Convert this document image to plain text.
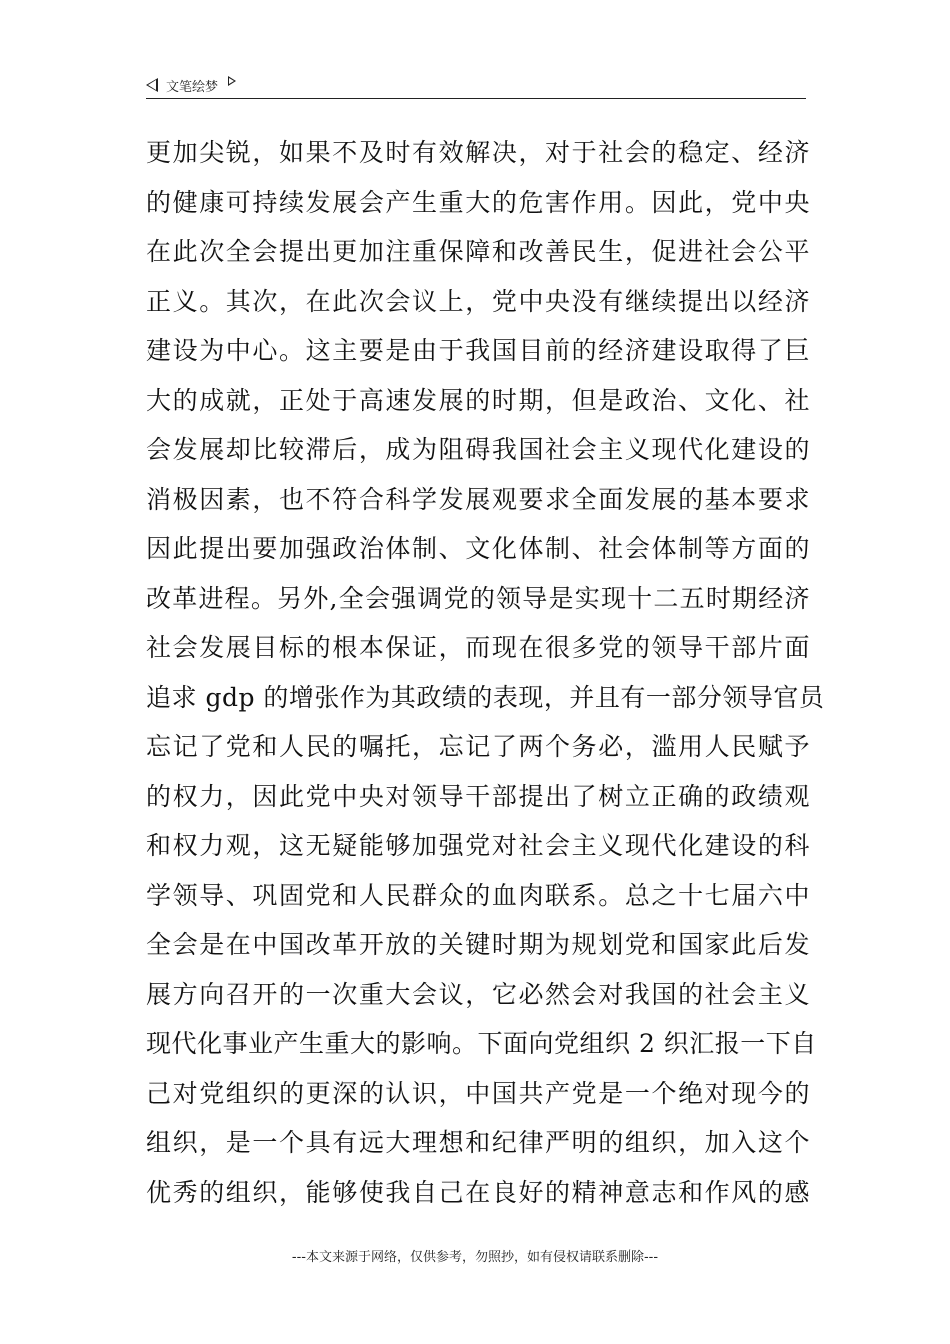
文笔绘梦
更加尖锐，如果不及时有效解决，对于社会的稳定、经济
的健康可持续发展会产生重大的危害作用。因此，党中央
在此次全会提出更加注重保障和改善民生，促进社会公平
正义。其次，在此次会议上，党中央没有继续提出以经济
建设为中心。这主要是由于我国目前的经济建设取得了巨
大的成就，正处于高速发展的时期，但是政治、文化、社
会发展却比较滞后，成为阻碍我国社会主义现代化建设的
消极因素，也不符合科学发展观要求全面发展的基本要求
因此提出要加强政治体制、文化体制、社会体制等方面的
改革进程。另外,全会强调党的领导是实现十二五时期经济
社会发展目标的根本保证，而现在很多党的领导干部片面
追求 gdp 的增张作为其政绩的表现，并且有一部分领导官员
忘记了党和人民的嘱托，忘记了两个务必，滥用人民赋予
的权力，因此党中央对领导干部提出了树立正确的政绩观
和权力观，这无疑能够加强党对社会主义现代化建设的科
学领导、巩固党和人民群众的血肉联系。总之十七届六中
全会是在中国改革开放的关键时期为规划党和国家此后发
展方向召开的一次重大会议，它必然会对我国的社会主义
现代化事业产生重大的影响。下面向党组织 2 织汇报一下自
己对党组织的更深的认识，中国共产党是一个绝对现今的
组织，是一个具有远大理想和纪律严明的组织，加入这个
优秀的组织，能够使我自己在良好的精神意志和作风的感
---本文来源于网络，仅供参考，勿照抄，如有侵权请联系删除---
